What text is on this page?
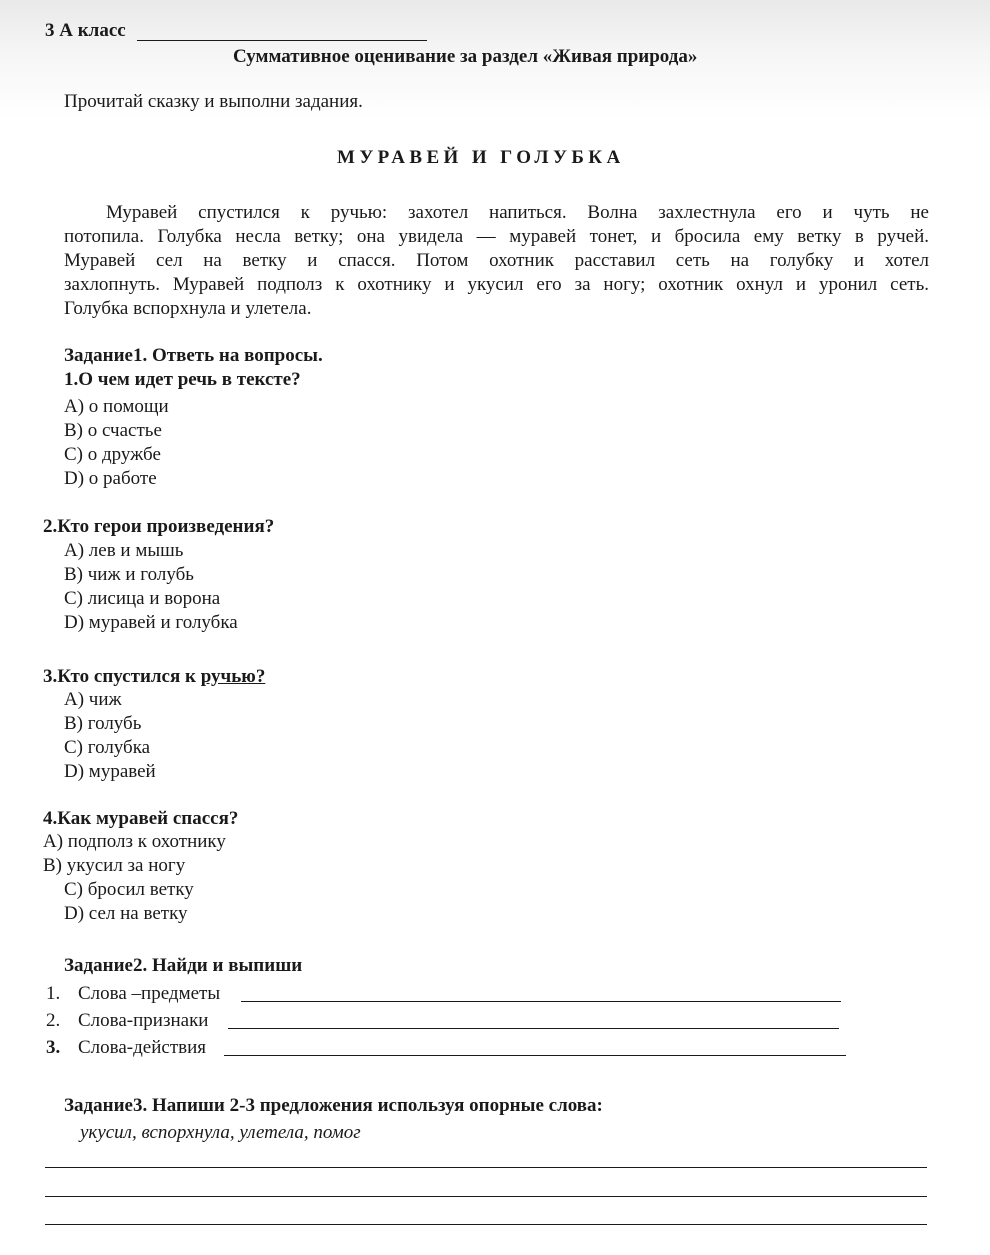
3 А класс
Суммативное оценивание за раздел «Живая природа»
Прочитай сказку и выполни задания.
МУРАВЕЙ И ГОЛУБКА
Муравей спустился к ручью: захотел напиться. Волна захлестнула его и чуть не
потопила. Голубка несла ветку; она увидела — муравей тонет, и бросила ему ветку в ручей.
Муравей сел на ветку и спасся. Потом охотник расставил сеть на голубку и хотел
захлопнуть. Муравей подполз к охотнику и укусил его за ногу; охотник охнул и уронил сеть.
Голубка вспорхнула и улетела.
Задание1. Ответь на вопросы.
1.О чем идет речь в тексте?
А) о помощи
В) о счастье
С) о дружбе
D) о работе
2.Кто герои произведения?
А) лев и мышь
В) чиж и голубь
С) лисица и ворона
D) муравей и голубка
3.Кто спустился к ручью?
А) чиж
В) голубь
С) голубка
D) муравей
4.Как муравей спасся?
А) подполз к охотнику
В) укусил за ногу
С) бросил ветку
D) сел на ветку
Задание2. Найди и выпиши
1. Слова –предметы
2. Слова-признаки
3. Слова-действия
Задание3. Напиши 2-3 предложения используя опорные слова:
укусил, вспорхнула, улетела, помог
